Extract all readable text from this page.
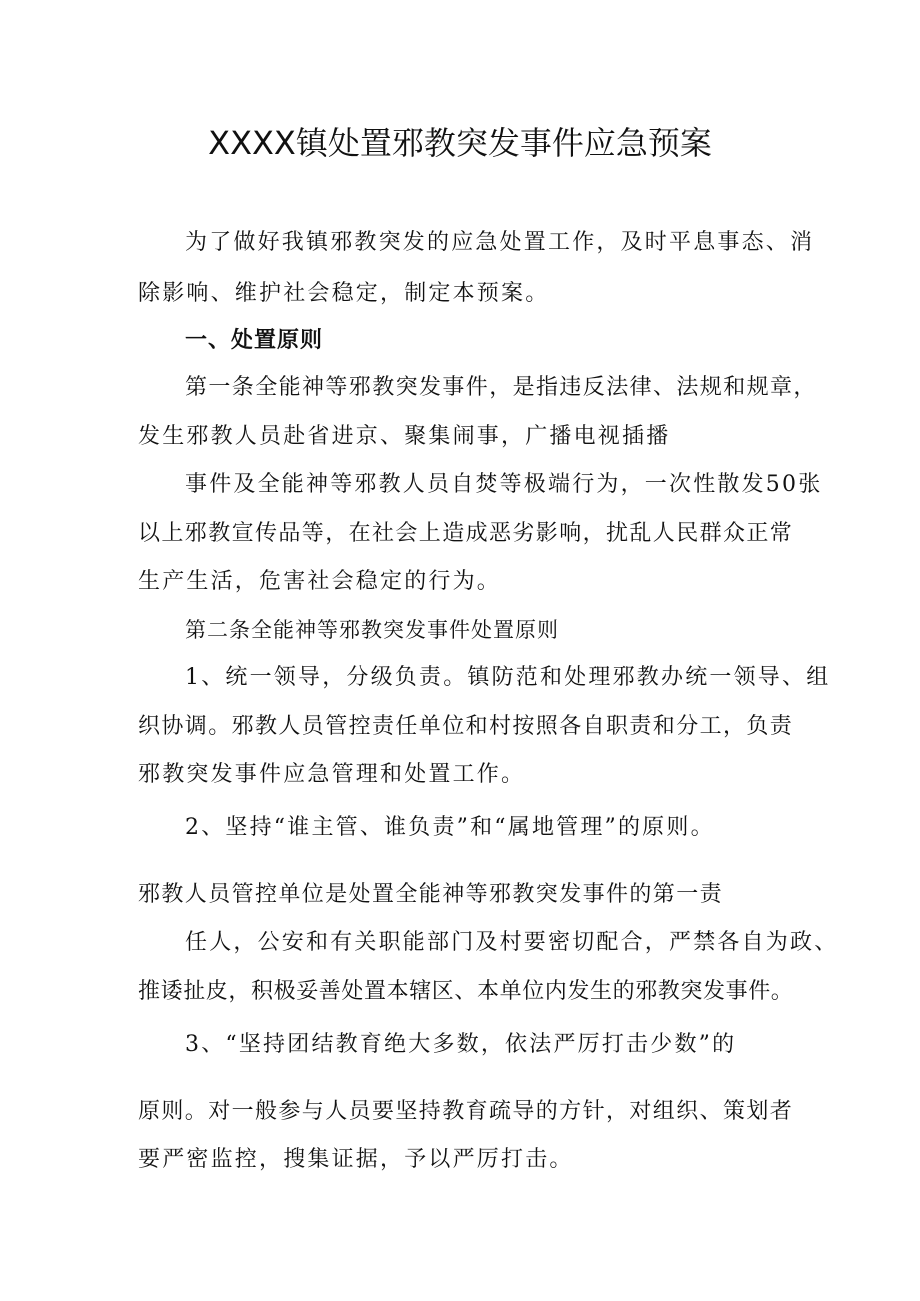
XXXX镇处置邪教突发事件应急预案

为了做好我镇邪教突发的应急处置工作，及时平息事态、消

除影响、维护社会稳定，制定本预案。

一、处置原则

第一条全能神等邪教突发事件，是指违反法律、法规和规章，

发生邪教人员赴省进京、聚集闹事，广播电视插播

事件及全能神等邪教人员自焚等极端行为，一次性散发50张

以上邪教宣传品等，在社会上造成恶劣影响，扰乱人民群众正常

生产生活，危害社会稳定的行为。

第二条全能神等邪教突发事件处置原则

1、统一领导，分级负责。镇防范和处理邪教办统一领导、组

织协调。邪教人员管控责任单位和村按照各自职责和分工，负责

邪教突发事件应急管理和处置工作。

2、坚持“谁主管、谁负责”和“属地管理”的原则。

邪教人员管控单位是处置全能神等邪教突发事件的第一责

任人，公安和有关职能部门及村要密切配合，严禁各自为政、

推诿扯皮，积极妥善处置本辖区、本单位内发生的邪教突发事件。

3、“坚持团结教育绝大多数，依法严厉打击少数”的

原则。对一般参与人员要坚持教育疏导的方针，对组织、策划者

要严密监控，搜集证据，予以严厉打击。
